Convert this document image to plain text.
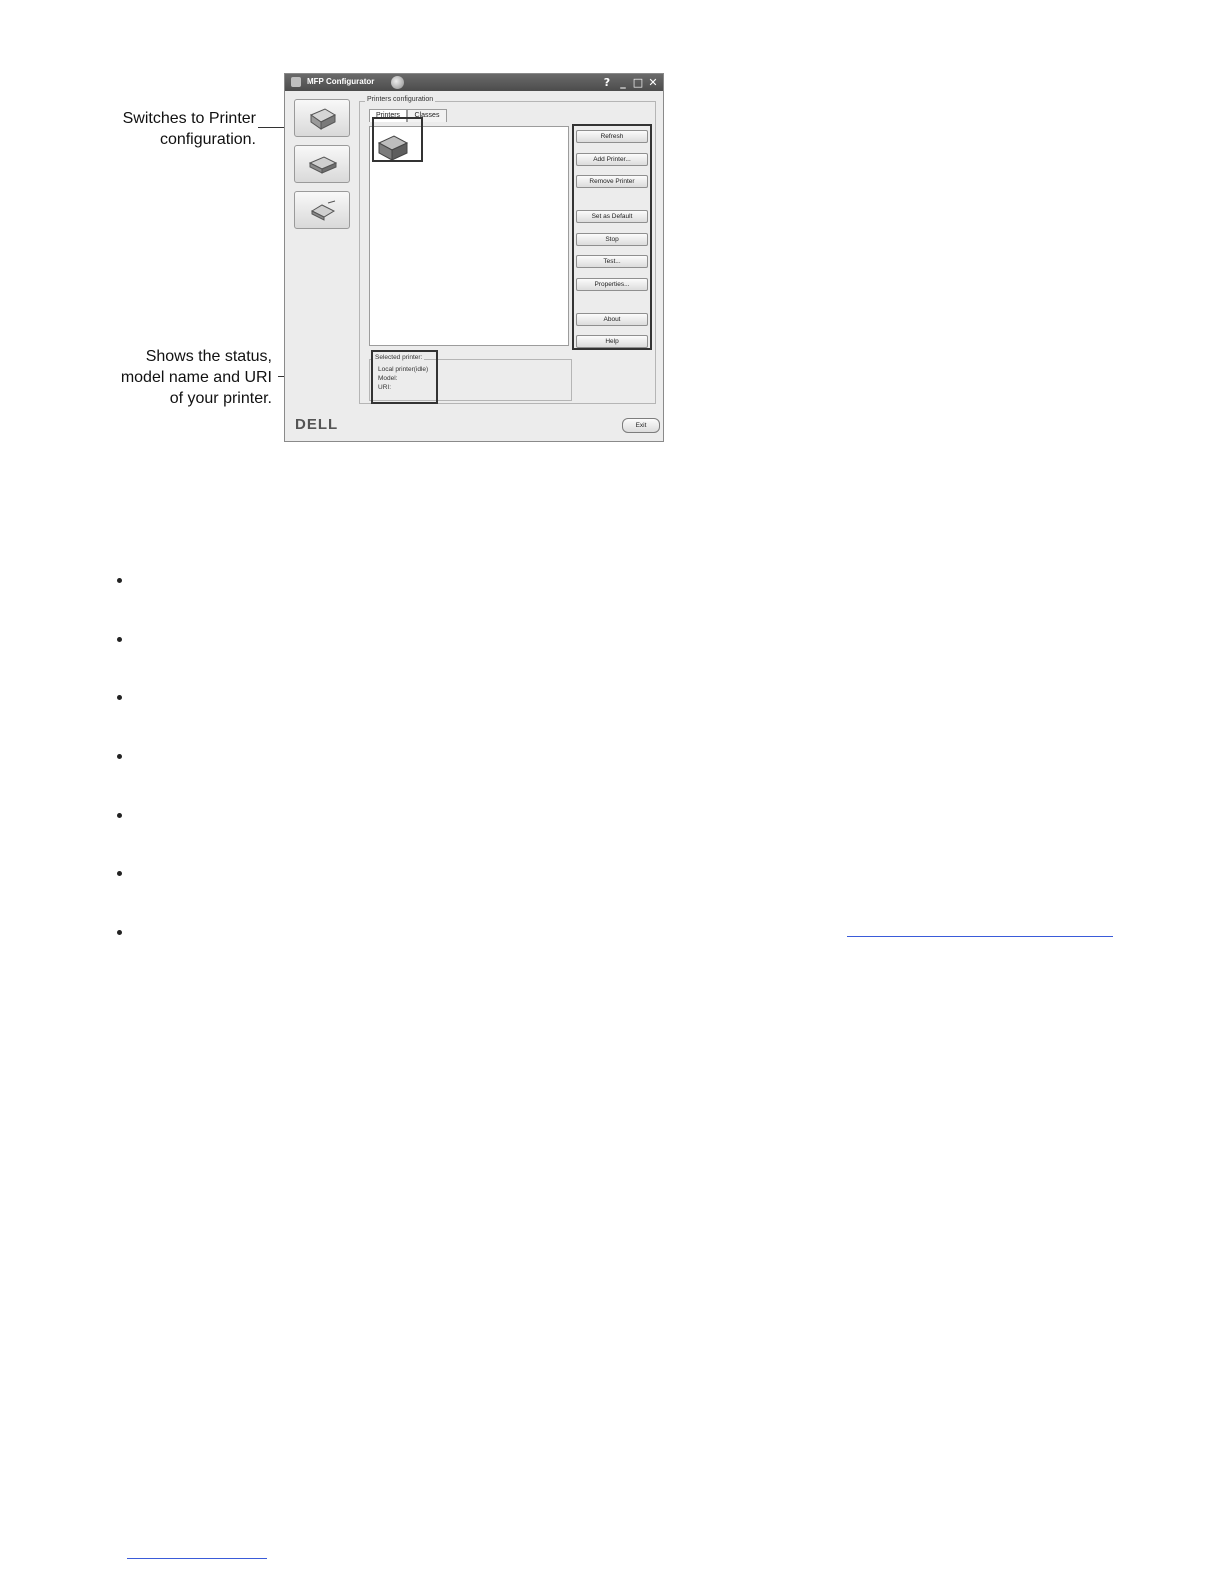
Switches to Printer
configuration.
Shows the status,
model name and URI
of your printer.
MFP Configurator	? _ □ ✕
Printers configuration
Printers	Classes
Refresh
Add Printer...
Remove Printer
Set as Default
Stop
Test...
Properties...
About
Help
Selected printer:
Local printer(idle)
Model:
URI:
DELL	Exit
